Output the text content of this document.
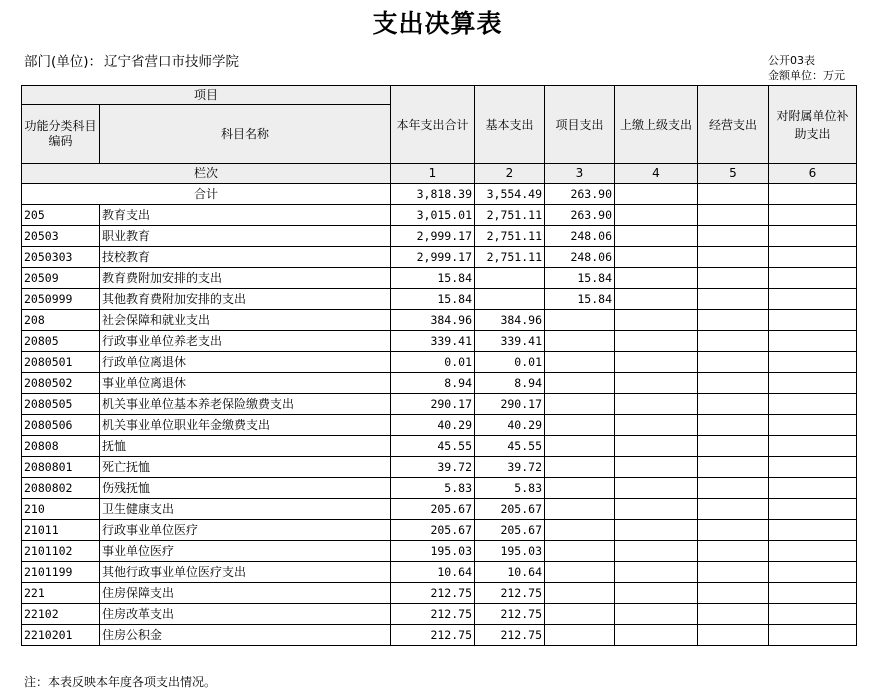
支出决算表
部门(单位)： 辽宁省营口市技师学院	公开03表
金额单位：万元
项目		本年支出合计	基本支出	项目支出	上缴上级支出	经营支出	对附属单位补助支出
功能分类科目编码	科目名称						
栏次		1	2	3	4	5	6
合计		3,818.39	3,554.49	263.90			
205	教育支出	3,015.01	2,751.11	263.90			
20503	职业教育	2,999.17	2,751.11	248.06			
2050303	技校教育	2,999.17	2,751.11	248.06			
20509	教育费附加安排的支出	15.84		15.84			
2050999	其他教育费附加安排的支出	15.84		15.84			
208	社会保障和就业支出	384.96	384.96				
20805	行政事业单位养老支出	339.41	339.41				
2080501	行政单位离退休	0.01	0.01				
2080502	事业单位离退休	8.94	8.94				
2080505	机关事业单位基本养老保险缴费支出	290.17	290.17				
2080506	机关事业单位职业年金缴费支出	40.29	40.29				
20808	抚恤	45.55	45.55				
2080801	死亡抚恤	39.72	39.72				
2080802	伤残抚恤	5.83	5.83				
210	卫生健康支出	205.67	205.67				
21011	行政事业单位医疗	205.67	205.67				
2101102	事业单位医疗	195.03	195.03				
2101199	其他行政事业单位医疗支出	10.64	10.64				
221	住房保障支出	212.75	212.75				
22102	住房改革支出	212.75	212.75				
2210201	住房公积金	212.75	212.75				
注：本表反映本年度各项支出情况。
